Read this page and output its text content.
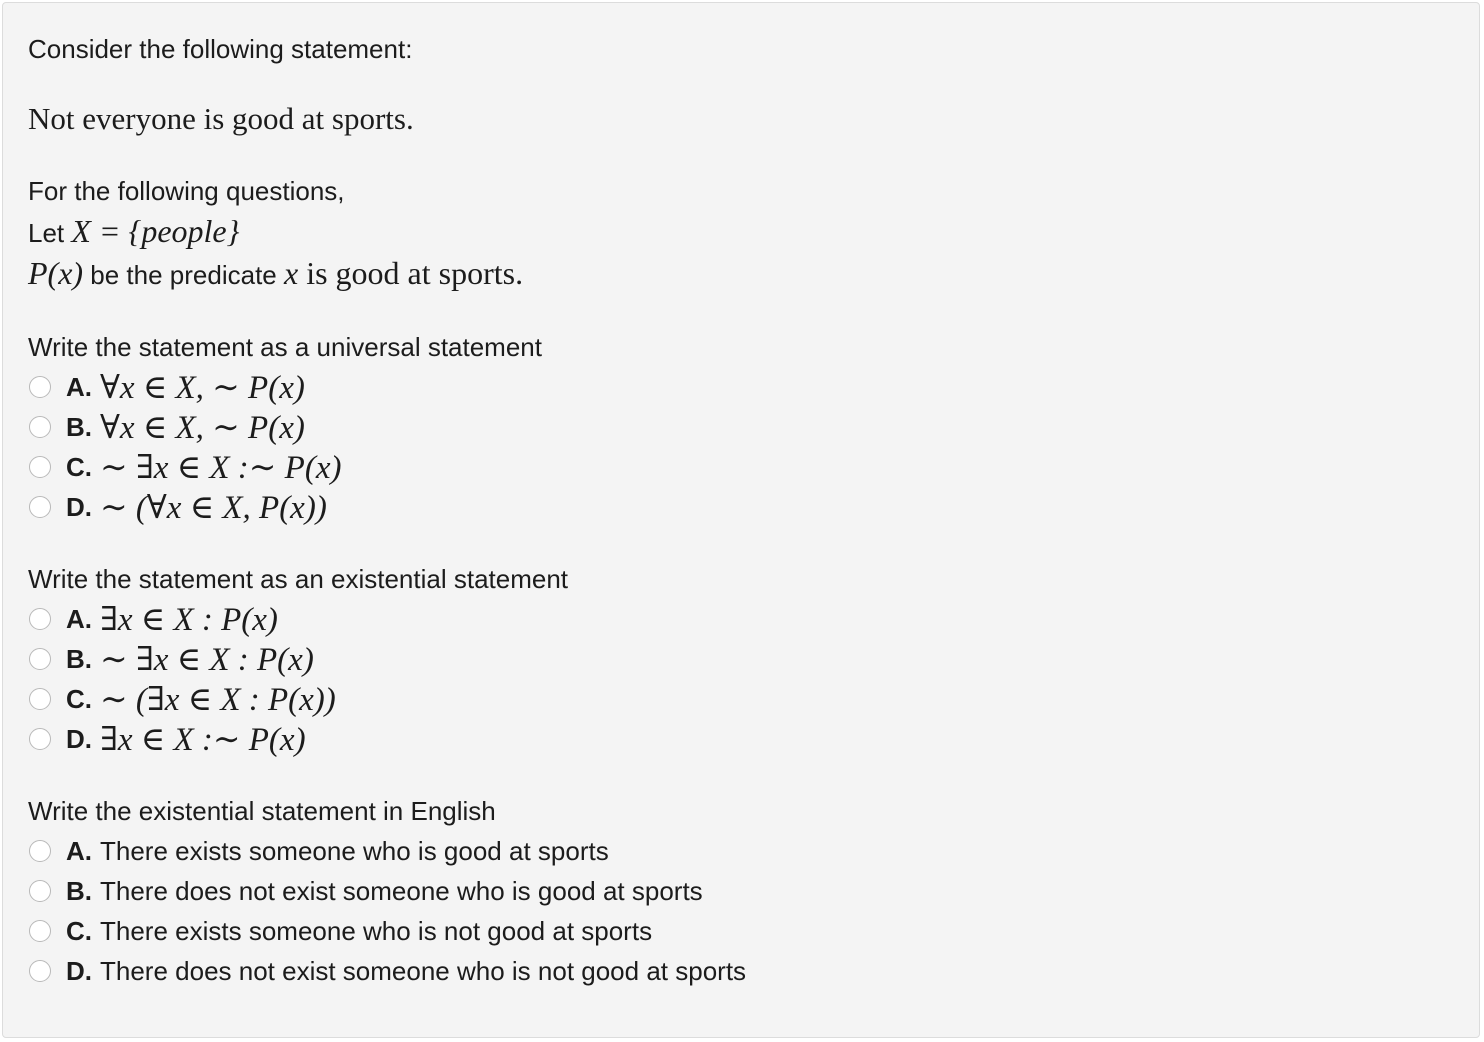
Consider the following statement:
Not everyone is good at sports.
For the following questions,
Let X = {people}
P(x) be the predicate x is good at sports.
Write the statement as a universal statement
A. ∀x ∈ X, ∼ P(x)
B. ∀x ∈ X, ∼ P(x)
C. ∼ ∃x ∈ X :∼ P(x)
D. ∼ (∀x ∈ X, P(x))
Write the statement as an existential statement
A. ∃x ∈ X : P(x)
B. ∼ ∃x ∈ X : P(x)
C. ∼ (∃x ∈ X : P(x))
D. ∃x ∈ X :∼ P(x)
Write the existential statement in English
A. There exists someone who is good at sports
B. There does not exist someone who is good at sports
C. There exists someone who is not good at sports
D. There does not exist someone who is not good at sports
